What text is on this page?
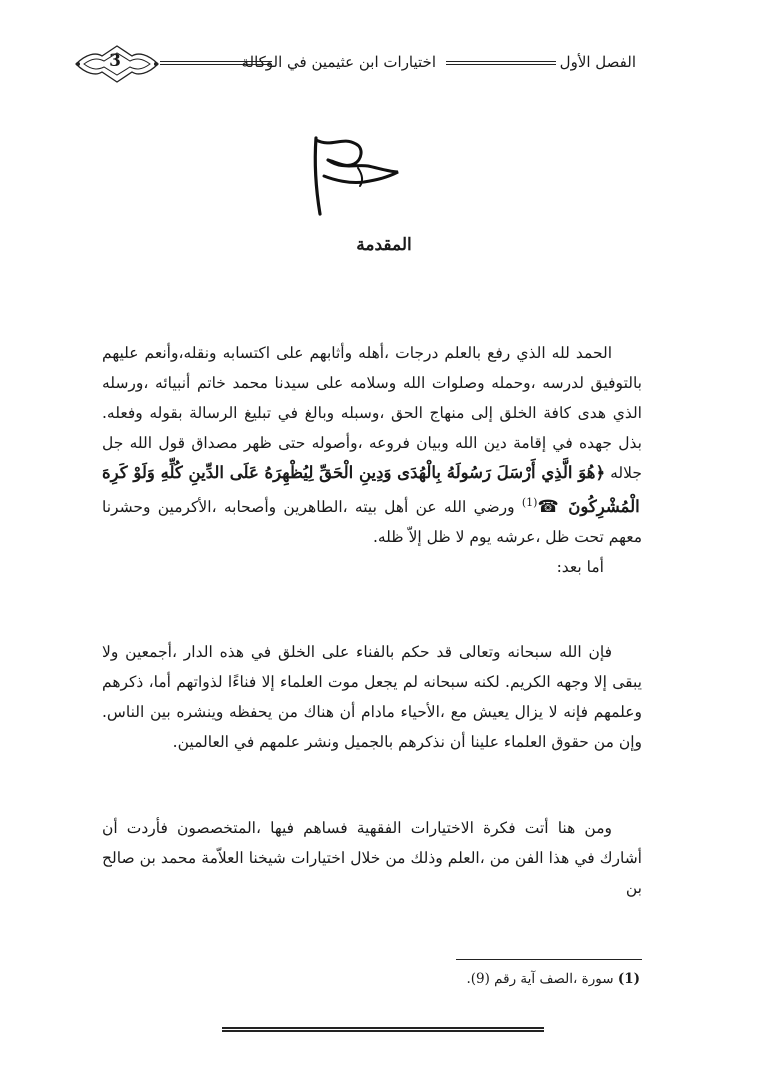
الفصل الأول
اختيارات ابن عثيمين في الوكالة
3
المقدمة
الحمد لله الذي رفع بالعلم درجات ،أهله وأثابهم على اكتسابه ونقله،وأنعم عليهم بالتوفيق لدرسه ،وحمله وصلوات الله وسلامه على سيدنا محمد خاتم أنبيائه ،ورسله الذي هدى كافة الخلق إلى منهاج الحق ،وسبله وبالغ في تبليغ الرسالة بقوله وفعله. بذل جهده في إقامة دين الله وبيان فروعه ،وأصوله حتى ظهر مصداق قول الله جل جلاله ﴿هُوَ الَّذِي أَرْسَلَ رَسُولَهُ بِالْهُدَى وَدِينِ الْحَقِّ لِيُظْهِرَهُ عَلَى الدِّينِ كُلِّهِ وَلَوْ كَرِهَ الْمُشْرِكُونَ ☎$^{(1)}$ ورضي الله عن أهل بيته ،الطاهرين وأصحابه ،الأكرمين وحشرنا معهم تحت ظل ،عرشه يوم لا ظل إلاّ ظله.
أما بعد:
فإن الله سبحانه وتعالى قد حكم بالفناء على الخلق في هذه الدار ،أجمعين ولا يبقى إلا وجهه الكريم. لكنه سبحانه لم يجعل موت العلماء إلا فناءًا لذواتهم أما، ذكرهم وعلمهم فإنه لا يزال يعيش مع ،الأحياء مادام أن هناك من يحفظه وينشره بين الناس. وإن من حقوق العلماء علينا أن نذكرهم بالجميل ونشر علمهم في العالمين.
ومن هنا أتت فكرة الاختيارات الفقهية فساهم فيها ،المتخصصون فأردت أن أشارك في هذا الفن من ،العلم وذلك من خلال اختيارات شيخنا العلاّمة محمد بن صالح بن
(1) سورة ،الصف آية رقم (9).
